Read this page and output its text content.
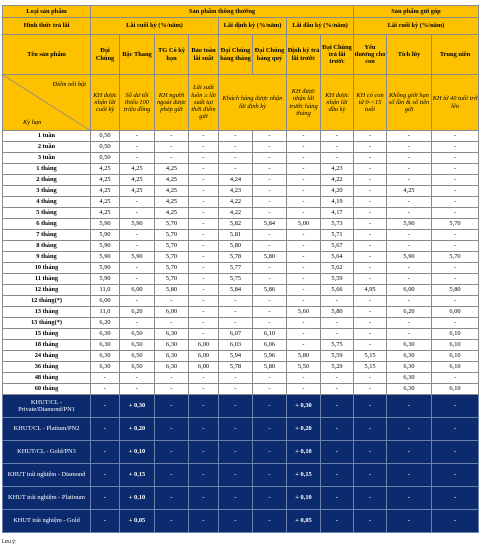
Loại sản phẩm	Sản phẩm thông thường								Sản phẩm gửi góp		
Hình thức trả lãi	Lãi cuối kỳ (%/năm)				Lãi định kỳ (%/năm)		Lãi đầu kỳ (%/năm)		Lãi cuối kỳ (%/năm)		
Tên sản phẩm	Đại Chúng	Bậc Thang	TG Có kỳ hạn	Bảo toàn lãi suất	Đại Chúng hàng tháng	Đại Chúng hàng quý	Định kỳ trả lãi trước	Đại Chúng trả lãi trước	Yêu thương cho con	Tích lũy	Trung niên

Điểm nổi bật
Kỳ hạn	KH được nhận lãi cuối kỳ	Số dư tối thiểu 100 triệu đồng	KH người ngoài được phép gửi	Lãi suất luôn ≥ lãi suất tại thời điểm gửi	Khách hàng được nhận lãi định kỳ		KH được nhận lãi trước hàng tháng	KH được nhận lãi đầu kỳ	KH có con từ 0-<15 tuổi	Không giới hạn số lần & số tiền gửi	KH từ 40 tuổi trở lên
1 tuần	0,50	-	-	-	-	-	-	-	-	-	-
2 tuần	0,50	-	-	-	-	-	-	-	-	-	-
3 tuần	0,50	-	-	-	-	-	-	-	-	-	-
1 tháng	4,25	4,25	4,25	-	-	-	-	4,23	-	-	-
2 tháng	4,25	4,25	4,25	-	4,24	-	-	4,22	-	-	-
3 tháng	4,25	4,25	4,25	-	4,23	-	-	4,20	-	4,25	-
4 tháng	4,25	-	4,25	-	4,22	-	-	4,19	-	-	-
5 tháng	4,25	-	4,25	-	4,22	-	-	4,17	-	-	-
6 tháng	5,90	5,90	5,70	-	5,82	5,84	5,00	5,73	-	5,90	5,70
7 tháng	5,90	-	5,70	-	5,81	-	-	5,71	-	-	-
8 tháng	5,90	-	5,70	-	5,80	-	-	5,67	-	-	-
9 tháng	5,90	5,90	5,70	-	5,78	5,80	-	5,64	-	5,90	5,70
10 tháng	5,90	-	5,70	-	5,77	-	-	5,62	-	-	-
11 tháng	5,90	-	5,70	-	5,75	-	-	5,59	-	-	-
12 tháng	11,0	6,00	5,80	-	5,84	5,86	-	5,66	4,95	6,00	5,80
12 tháng(*)	6,00	-	-	-	-	-	-	-	-	-	-
13 tháng	11,0	6,20	6,00	-	-	-	5,60	5,80	-	6,20	6,00
13 tháng(*)	6,20	-	-	-	-	-	-	-	-	-	-
15 tháng	6,30	6,50	6,30	-	6,07	6,10	-	-	-	-	6,10
18 tháng	6,30	6,50	6,30	6,00	6,03	6,06	-	5,75	-	6,30	6,10
24 tháng	6,30	6,50	6,30	6,00	5,94	5,96	5,80	5,59	5,15	6,30	6,10
36 tháng	6,30	6,50	6,30	6,00	5,78	5,80	5,50	5,29	5,15	6,30	6,10
48 tháng	-	-	-	-	-	-	-	-	-	6,30	-
60 tháng	-	-	-	-	-	-	-	-	-	6,30	6,10
KHUT/CL - Private/Diamond/PN1	-	+ 0,30	-	-	-	-	+ 0,30	-	-	-	-
KHUT/CL - Platium/PN2	-	+ 0,20	-	-	-	-	+ 0,20	-	-	-	-
KHUT/CL - Gold/PN3	-	+ 0,10	-	-	-	-	+ 0,10	-	-	-	-
KHUT trải nghiệm - Diamond	-	+ 0,15	-	-	-	-	+ 0,15	-	-	-	-
KHUT trải nghiệm - Platinum	-	+ 0,10	-	-	-	-	+ 0,10	-	-	-	-
KHUT trải nghiệm - Gold	-	+ 0,05	-	-	-	-	+ 0,05	-	-	-	-
Lưu ý:
